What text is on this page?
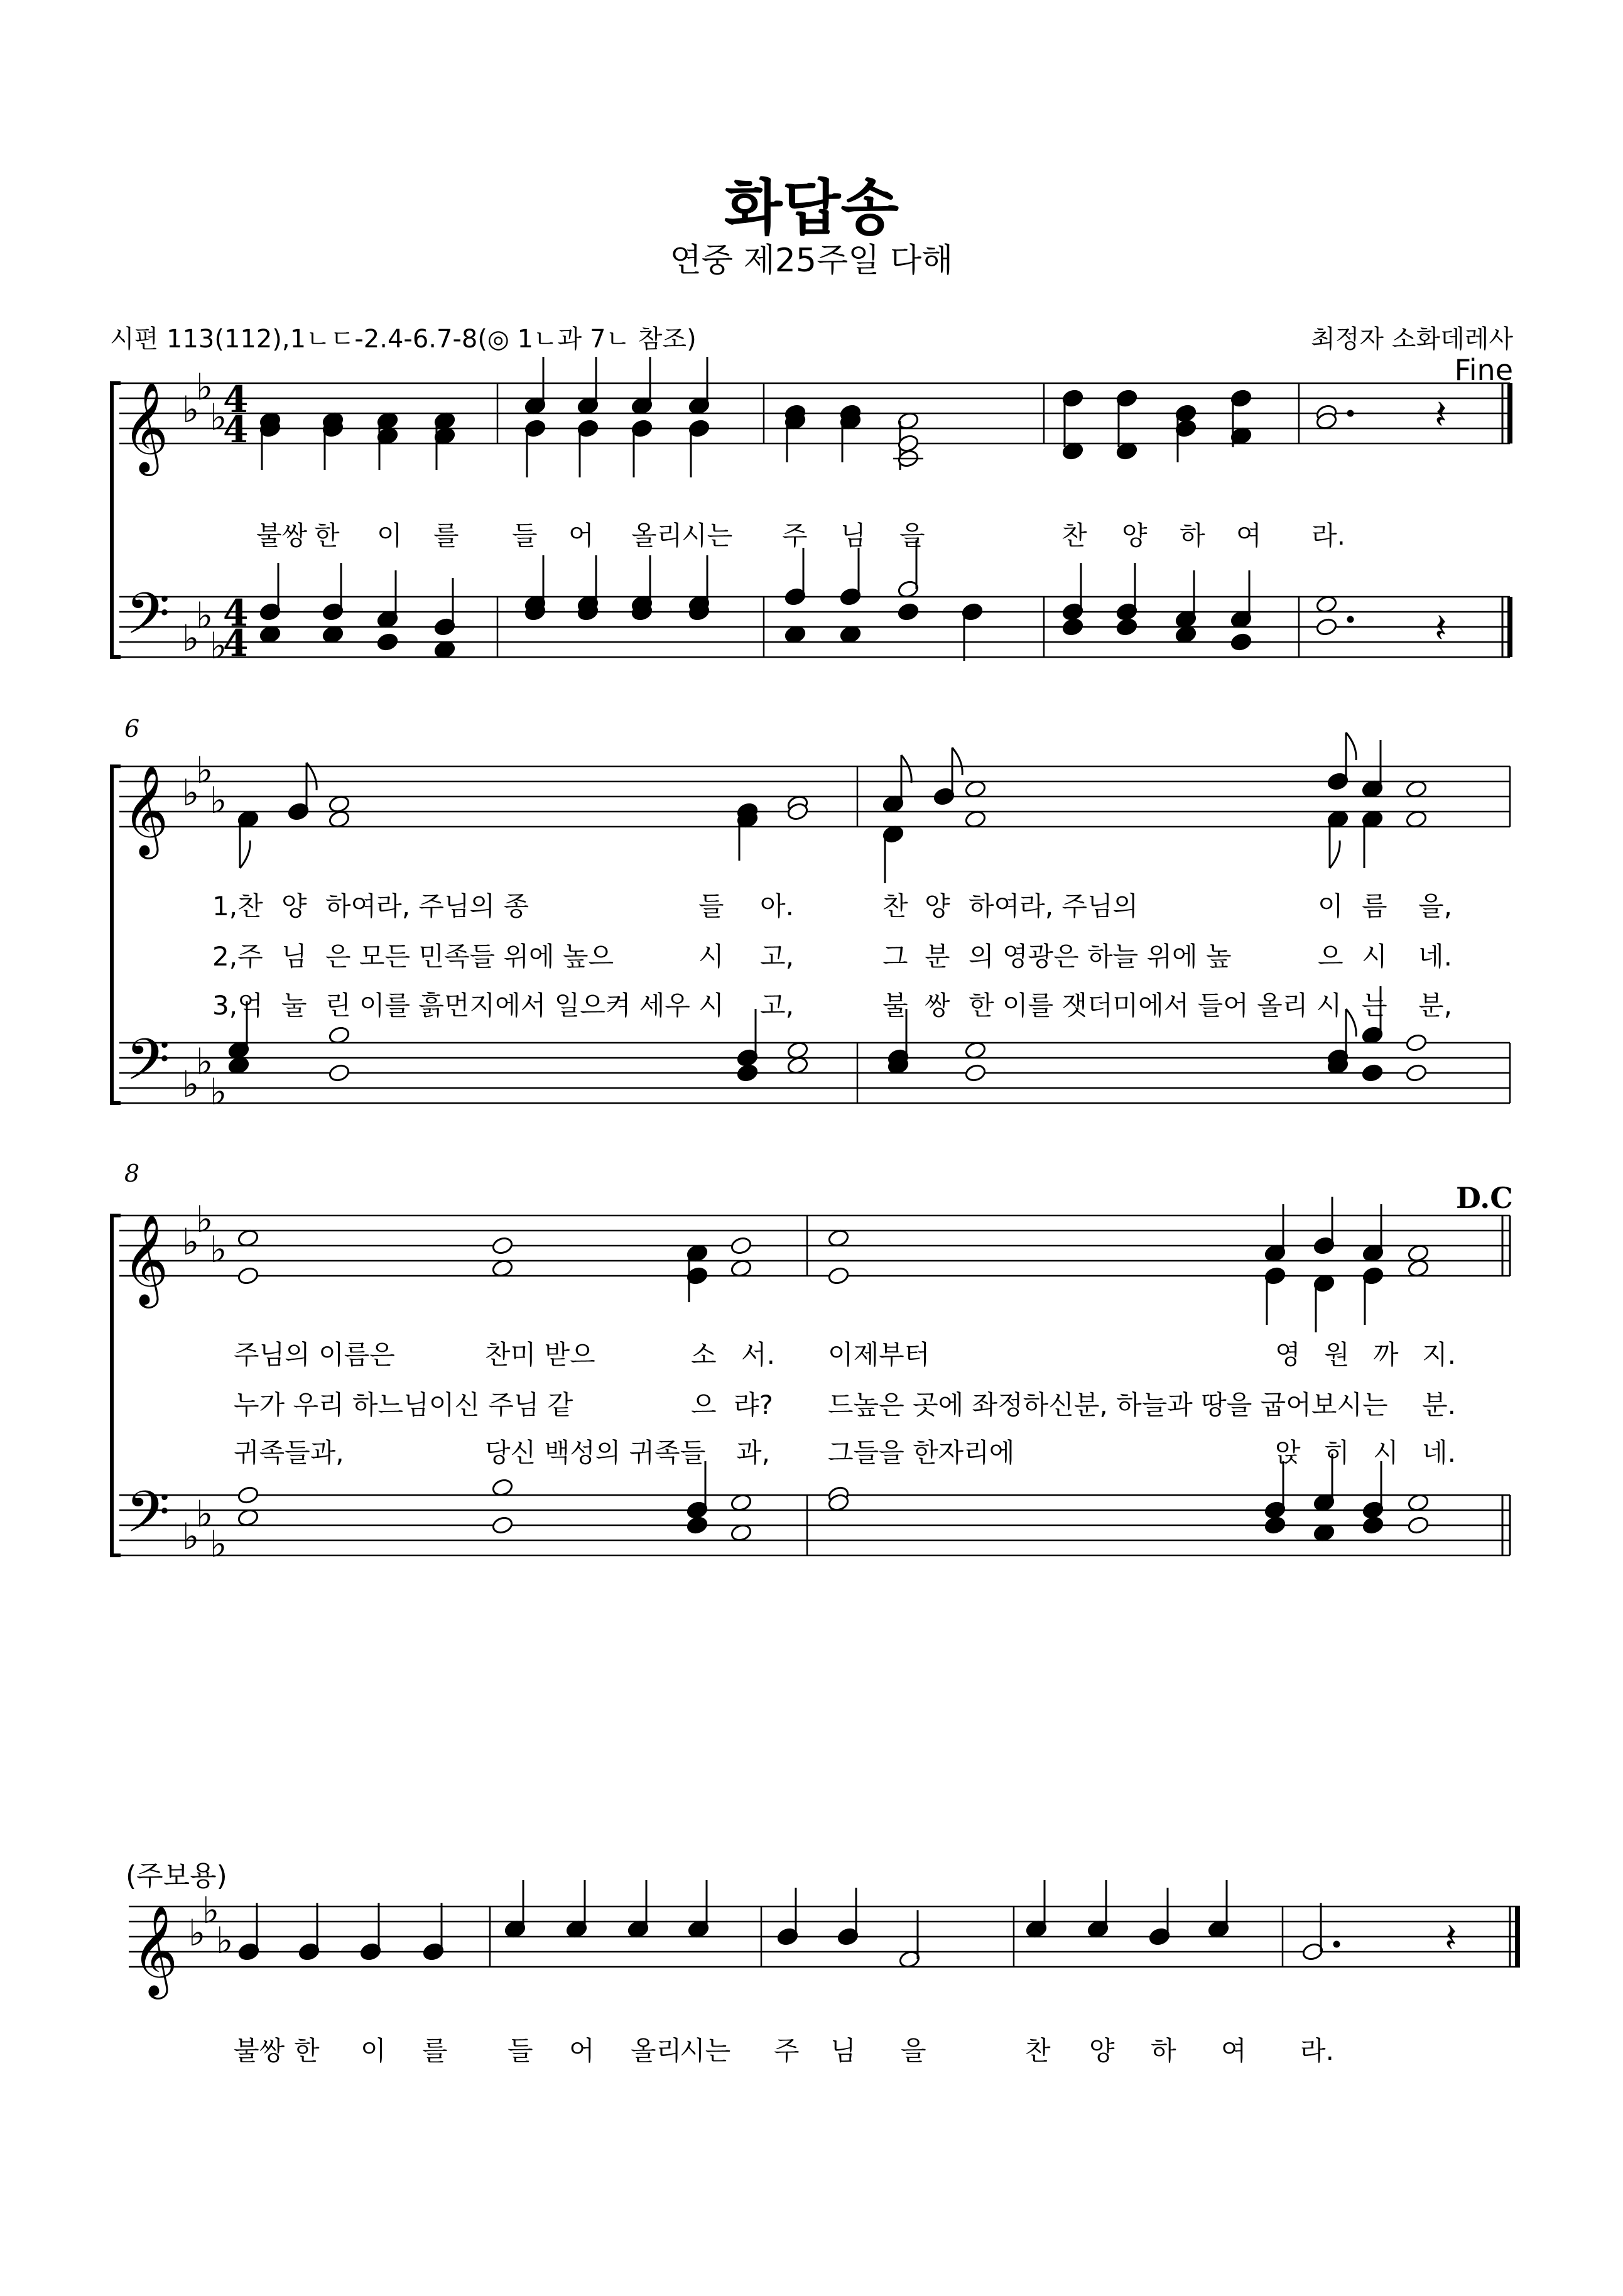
화답송
연중 제25주일 다해
시편 113(112),1ㄴㄷ-2.4-6.7-8(◎ 1ㄴ과 7ㄴ 참조)	최정자 소화데레사
Fine
6
8
D.C
𝄞
𝄢
♭
♭
♭
♭
♭
♭
4
4
4
4
𝄽
𝄽
𝄞
𝄢
♭
♭
♭
♭
♭
♭
𝄞
𝄢
♭
♭
♭
♭
♭
♭
𝄞 ♭
♭
♭	𝄽
불쌍 한 이 를 들 어 올리
시는 주 님 을	찬 양 하 여 라.
1,찬 양 하여라, 주님의 종	들 아.	찬 양 하여라, 주님의	이 름 을,
2,주 님 은 모든 민족들 위에 높으	시 고,	그 분 의 영광은 하늘 위에 높	으 시 네.
3,억 눌 린 이를 흙먼지에서 일으켜 세우 시 고,	불 쌍 한 이를 잿더미에서 들어 올리 시 는 분,
주님의 이름은	찬미 받으	소 서. 이제부터	영 원 까 지.
누가 우리 하느님이신 주님 같	으 랴? 드높은 곳에 좌정하신분, 하늘과 땅을 굽어보시는 분.
귀족들과,	당신 백성의 귀족들 과, 그들을 한자리에	앉 히 시 네.
(주보용)
불쌍 한 이 를 들 어 올리
시는 주 님 을	찬 양 하 여 라.
